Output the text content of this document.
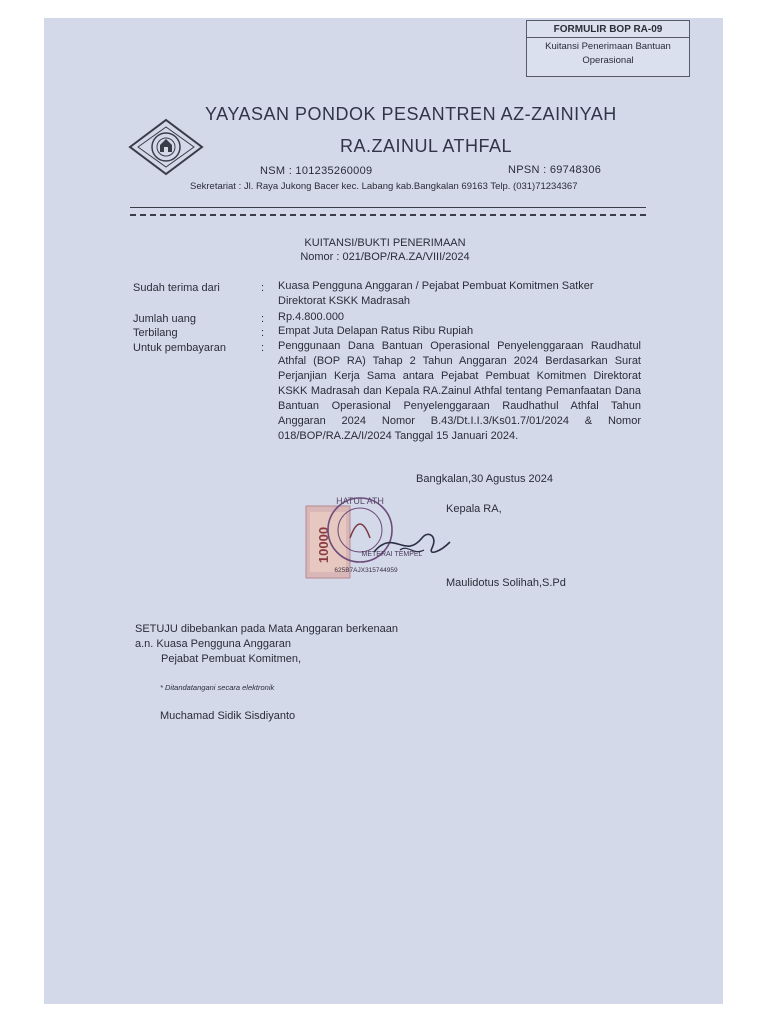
FORMULIR BOP RA-09
Kuitansi Penerimaan Bantuan
Operasional
YAYASAN PONDOK PESANTREN AZ-ZAINIYAH
RA.ZAINUL ATHFAL
NSM : 101235260009	NPSN : 69748306
Sekretariat : Jl. Raya Jukong Bacer kec. Labang kab.Bangkalan 69163 Telp. (031)71234367
KUITANSI/BUKTI PENERIMAAN
Nomor : 021/BOP/RA.ZA/VIII/2024
Sudah terima dari	: Kuasa Pengguna Anggaran / Pejabat Pembuat Komitmen Satker Direktorat KSKK Madrasah
Jumlah uang	: Rp.4.800.000
Terbilang	: Empat Juta Delapan Ratus Ribu Rupiah
Untuk pembayaran	: Penggunaan Dana Bantuan Operasional Penyelenggaraan Raudhatul Athfal (BOP RA) Tahap 2 Tahun Anggaran 2024 Berdasarkan Surat Perjanjian Kerja Sama antara Pejabat Pembuat Komitmen Direktorat KSKK Madrasah dan Kepala RA.Zainul Athfal tentang Pemanfaatan Dana Bantuan Operasional Penyelenggaraan Raudhathul Athfal Tahun Anggaran 2024 Nomor B.43/Dt.I.I.3/Ks01.7/01/2024 & Nomor 018/BOP/RA.ZA/I/2024 Tanggal 15 Januari 2024.
Bangkalan,30 Agustus 2024
Kepala RA,
10000
HATUL ATH
METERAI TEMPEL
625B7AJX315744959
Maulidotus Solihah,S.Pd
SETUJU dibebankan pada Mata Anggaran berkenaan
a.n. Kuasa Pengguna Anggaran
Pejabat Pembuat Komitmen,
* Ditandatangani secara elektronik
Muchamad Sidik Sisdiyanto
